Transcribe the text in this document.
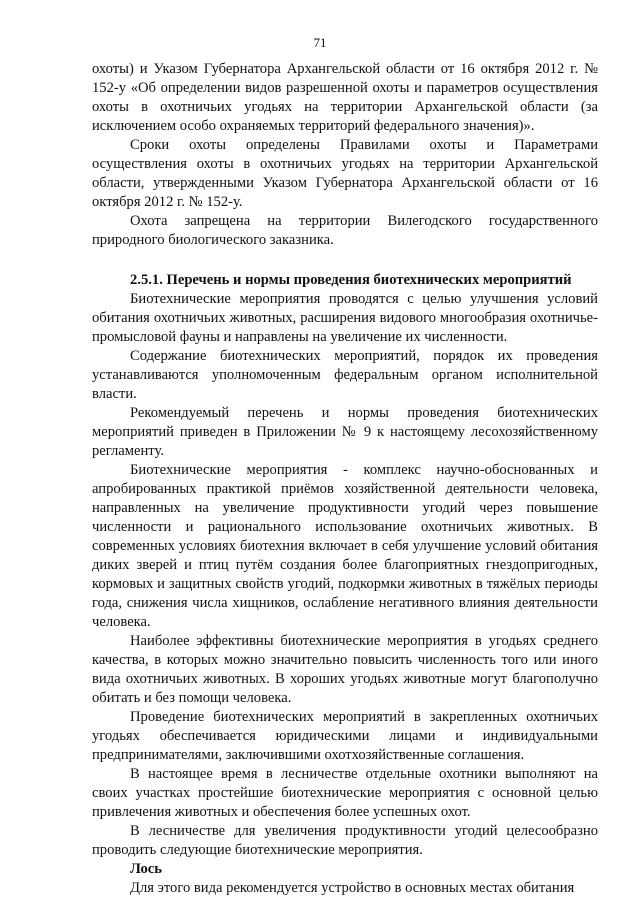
71

охоты) и Указом Губернатора Архангельской области от 16 октября 2012 г. № 152-у «Об определении видов разрешенной охоты и параметров осуществления охоты в охотничьих угодьях на территории Архангельской области (за исключением особо охраняемых территорий федерального значения)».

Сроки охоты определены Правилами охоты и Параметрами осуществления охоты в охотничьих угодьях на территории Архангельской области, утвержденными Указом Губернатора Архангельской области от 16 октября 2012 г. № 152-у.

Охота запрещена на территории Вилегодского государственного природного биологического заказника.

2.5.1. Перечень и нормы проведения биотехнических мероприятий

Биотехнические мероприятия проводятся с целью улучшения условий обитания охотничьих животных, расширения видового многообразия охотничье-промысловой фауны и направлены на увеличение их численности.

Содержание биотехнических мероприятий, порядок их проведения устанавливаются уполномоченным федеральным органом исполнительной власти.

Рекомендуемый перечень и нормы проведения биотехнических мероприятий приведен в Приложении № 9 к настоящему лесохозяйственному регламенту.

Биотехнические мероприятия - комплекс научно-обоснованных и апробированных практикой приёмов хозяйственной деятельности человека, направленных на увеличение продуктивности угодий через повышение численности и рационального использование охотничьих животных. В современных условиях биотехния включает в себя улучшение условий обитания диких зверей и птиц путём создания более благоприятных гнездопригодных, кормовых и защитных свойств угодий, подкормки животных в тяжёлых периоды года, снижения числа хищников, ослабление негативного влияния деятельности человека.

Наиболее эффективны биотехнические мероприятия в угодьях среднего качества, в которых можно значительно повысить численность того или иного вида охотничьих животных. В хороших угодьях животные могут благополучно обитать и без помощи человека.

Проведение биотехнических мероприятий в закрепленных охотничьих угодьях обеспечивается юридическими лицами и индивидуальными предпринимателями, заключившими охотхозяйственные соглашения.

В настоящее время в лесничестве отдельные охотники выполняют на своих участках простейшие биотехнические мероприятия с основной целью привлечения животных и обеспечения более успешных охот.

В лесничестве для увеличения продуктивности угодий целесообразно проводить следующие биотехнические мероприятия.

Лось

Для этого вида рекомендуется устройство в основных местах обитания
